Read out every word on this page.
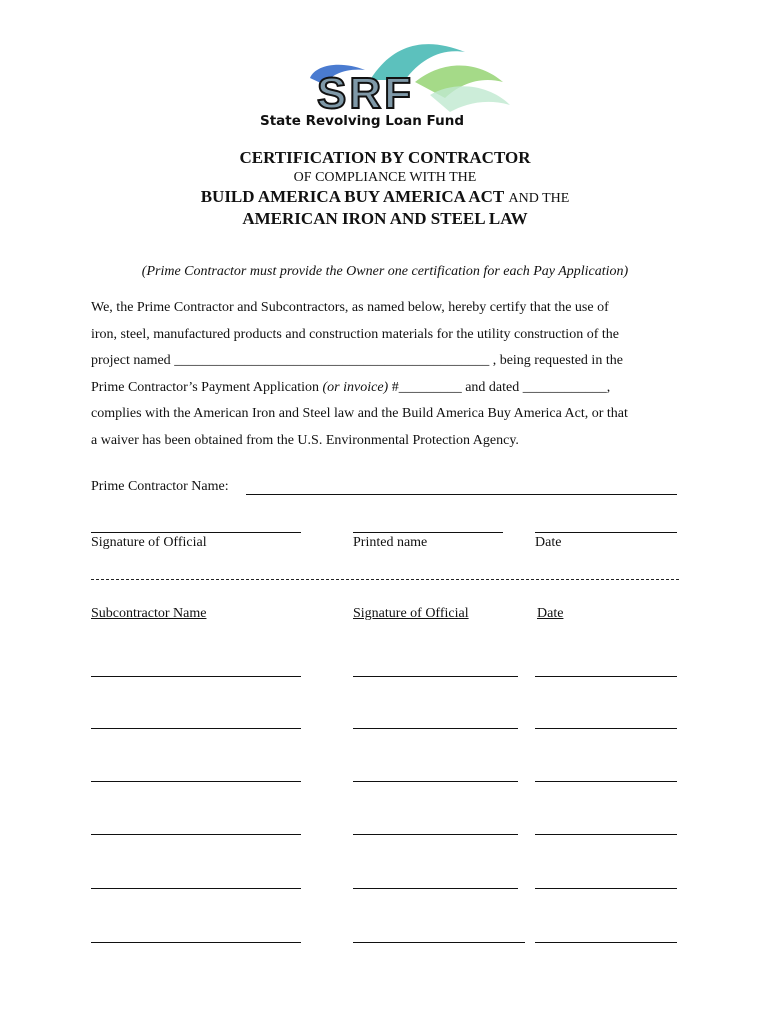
SRF
State Revolving Loan Fund
CERTIFICATION BY CONTRACTOR
OF COMPLIANCE WITH THE
BUILD AMERICA BUY AMERICA ACT AND THE
AMERICAN IRON AND STEEL LAW
(Prime Contractor must provide the Owner one certification for each Pay Application)

We, the Prime Contractor and Subcontractors, as named below, hereby certify that the use of

iron, steel, manufactured products and construction materials for the utility construction of the

project named _____________________________________________ , being requested in the

Prime Contractor’s Payment Application (or invoice) #_________ and dated ____________,

complies with the American Iron and Steel law and the Build America Buy America Act, or that

a waiver has been obtained from the U.S. Environmental Protection Agency.

Prime Contractor Name:
Signature of Official	Printed name	Date
Subcontractor Name	Signature of Official	Date
